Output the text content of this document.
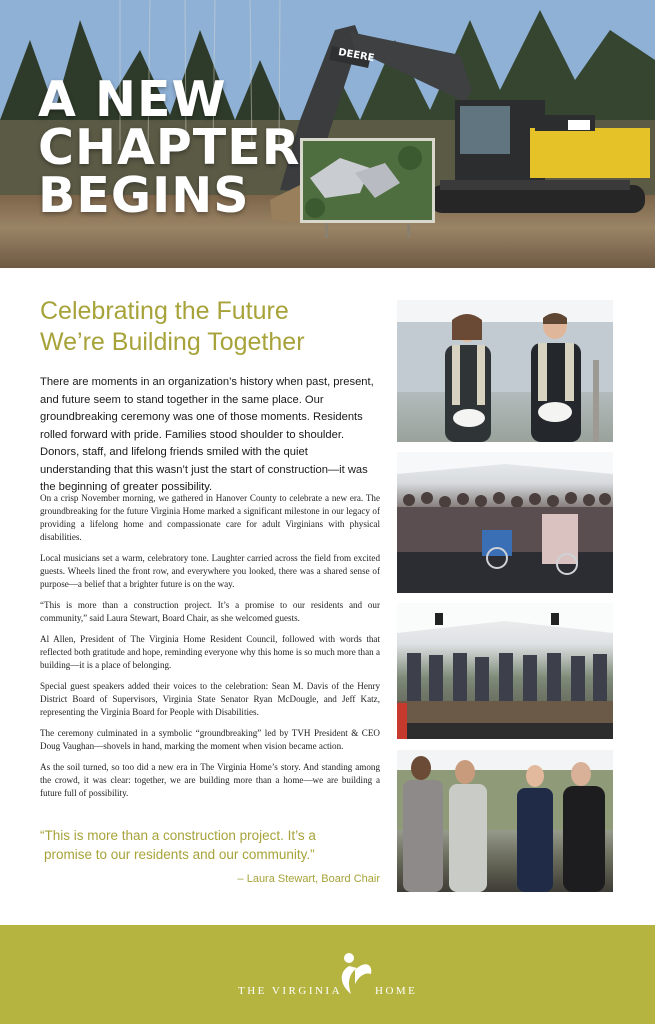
DEERE
A NEW
CHAPTER
BEGINS
Celebrating the Future
We’re Building Together
There are moments in an organization’s history when past, present, and future seem to stand together in the same place. Our groundbreaking ceremony was one of those moments. Residents rolled forward with pride. Families stood shoulder to shoulder. Donors, staff, and lifelong friends smiled with the quiet understanding that this wasn’t just the start of construction—it was the beginning of greater possibility.

On a crisp November morning, we gathered in Hanover County to celebrate a new era. The groundbreaking for the future Virginia Home marked a significant milestone in our legacy of providing a lifelong home and compassionate care for adult Virginians with physical disabilities.

Local musicians set a warm, celebratory tone. Laughter carried across the field from excited guests. Wheels lined the front row, and everywhere you looked, there was a shared sense of purpose—a belief that a brighter future is on the way.

“This is more than a construction project. It’s a promise to our residents and our community,” said Laura Stewart, Board Chair, as she welcomed guests.

Al Allen, President of The Virginia Home Resident Council, followed with words that reflected both gratitude and hope, reminding everyone why this home is so much more than a building—it is a place of belonging.

Special guest speakers added their voices to the celebration: Sean M. Davis of the Henry District Board of Supervisors, Virginia State Senator Ryan McDougle, and Jeff Katz, representing the Virginia Board for People with Disabilities.

The ceremony culminated in a symbolic “groundbreaking” led by TVH President & CEO Doug Vaughan—shovels in hand, marking the moment when vision became action.

As the soil turned, so too did a new era in The Virginia Home’s story. And standing among the crowd, it was clear: together, we are building more than a home—we are building a future full of possibility.

“This is more than a construction project. It’s a
promise to our residents and our community.”
– Laura Stewart, Board Chair
THE VIRGINIA	HOME
